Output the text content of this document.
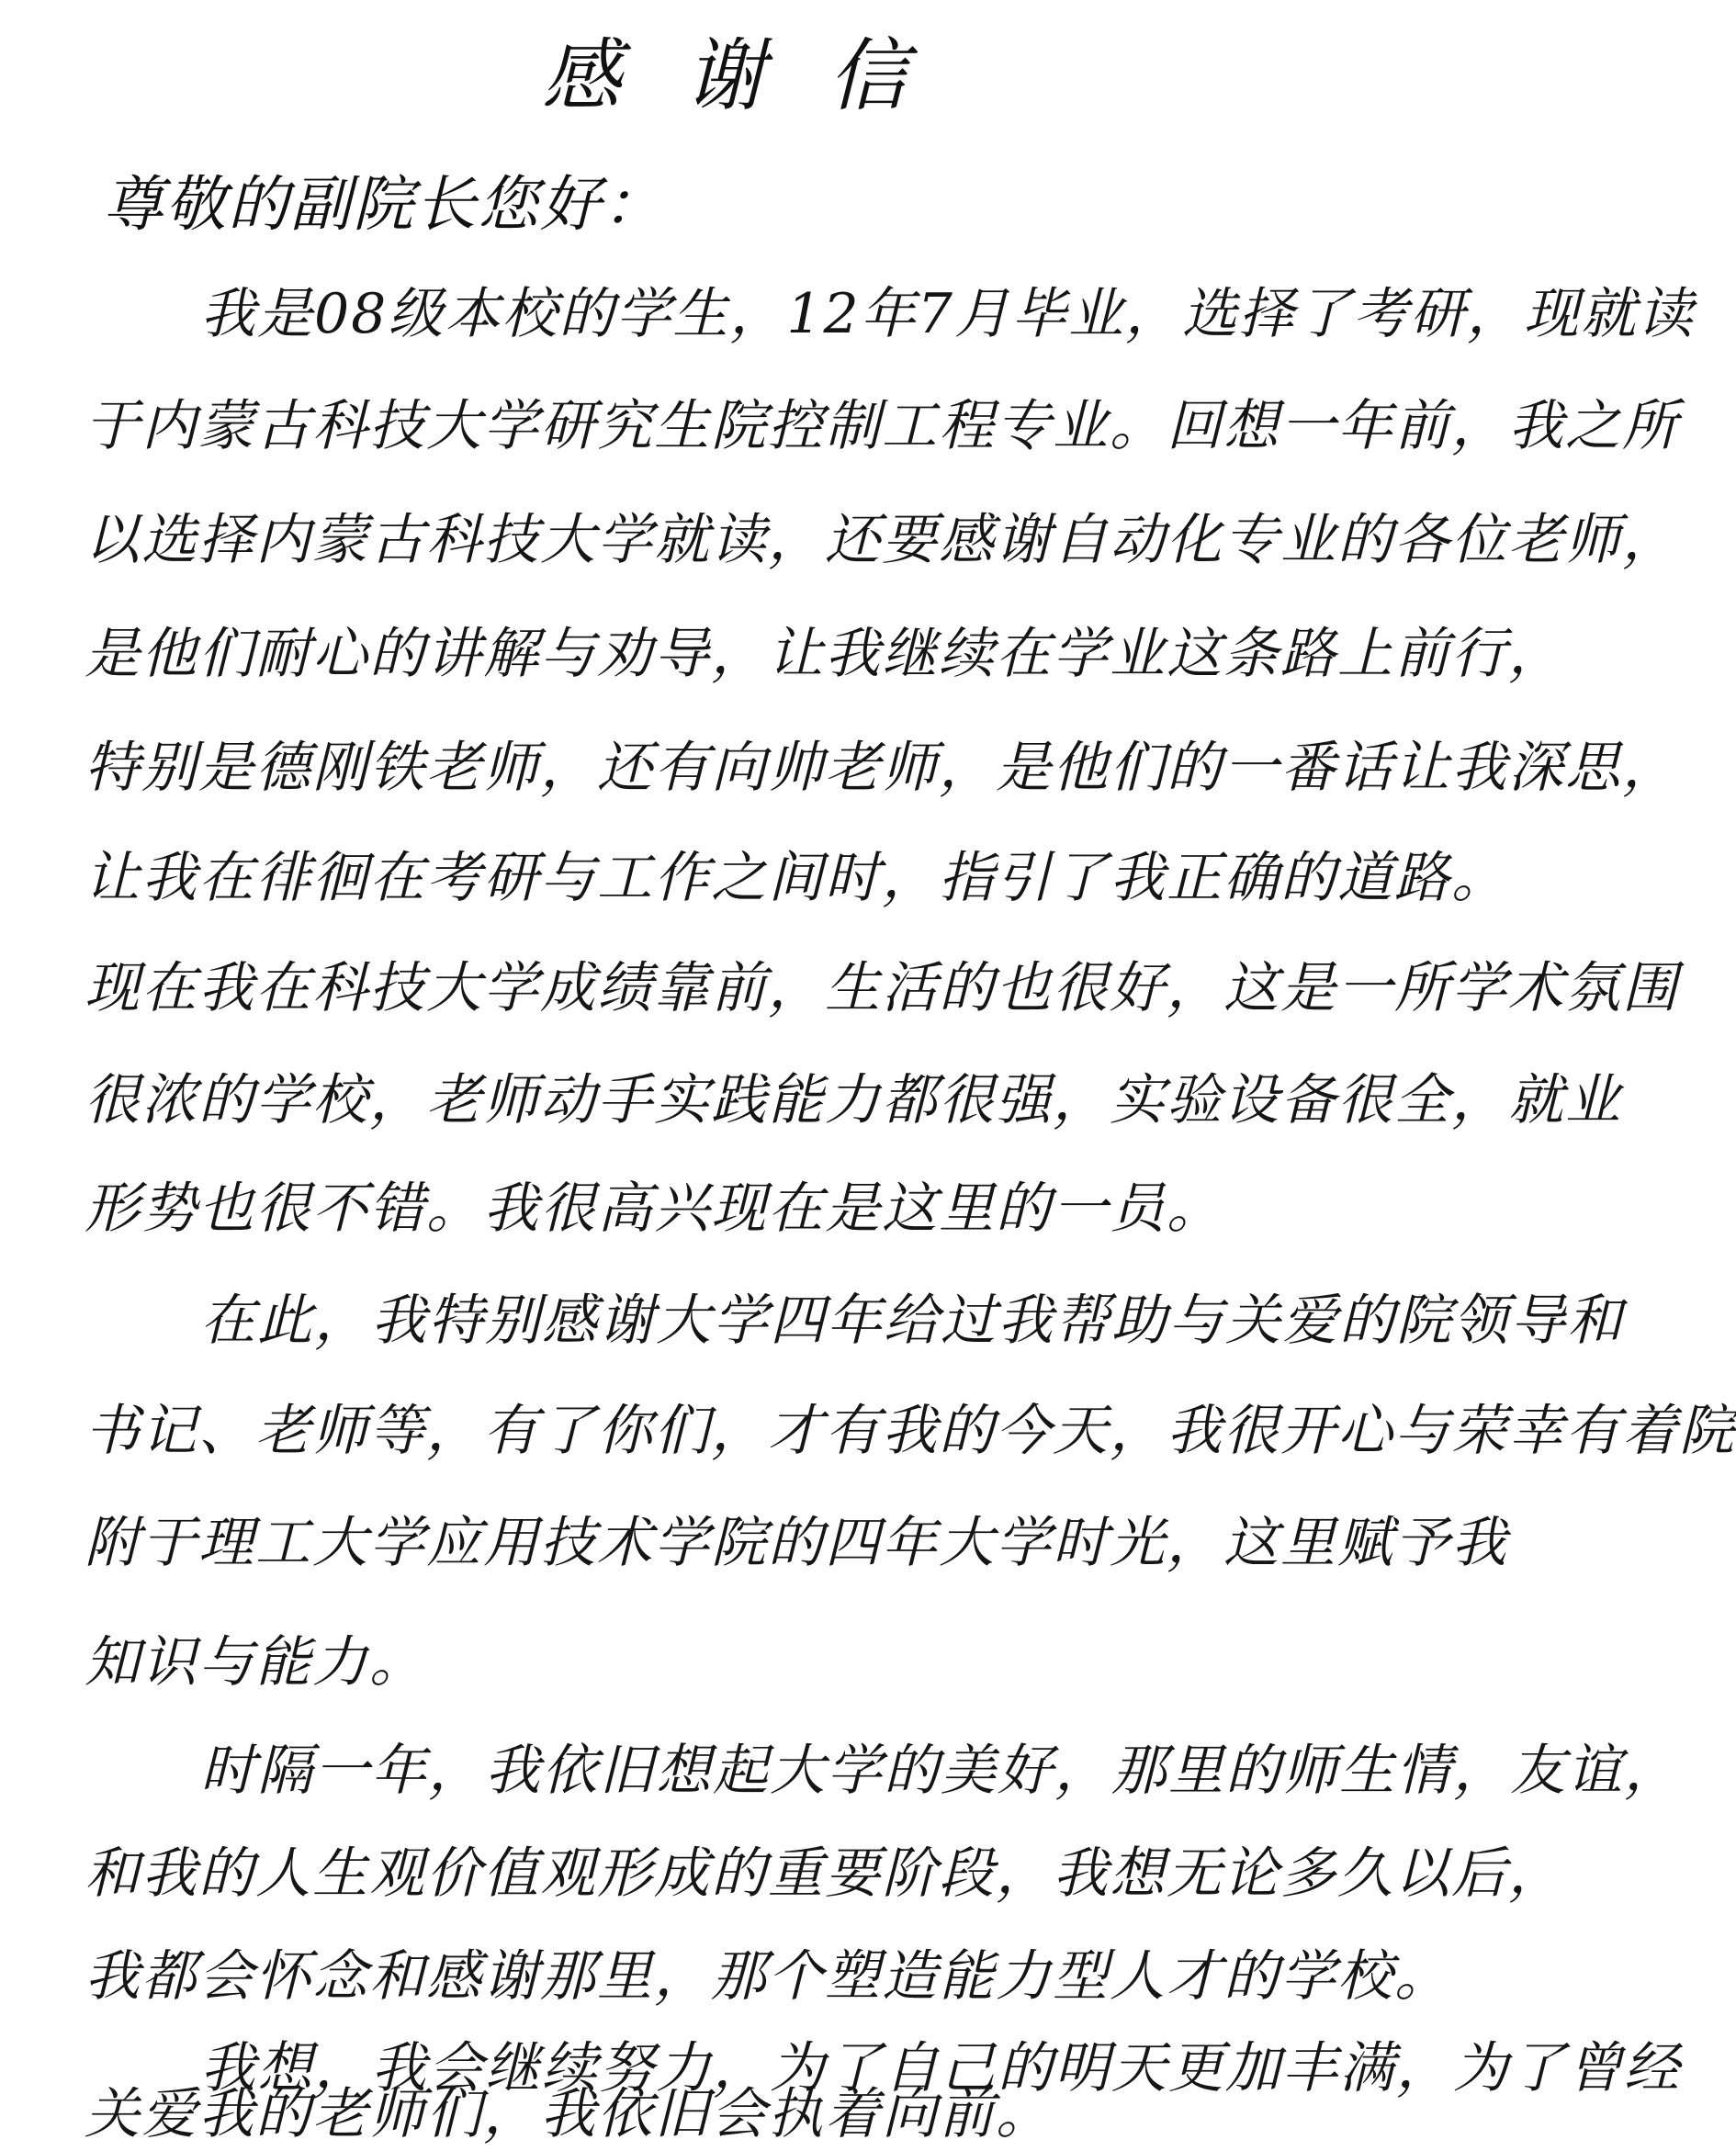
感谢信
尊敬的副院长您好：
我是08级本校的学生，12年7月毕业，选择了考研，现就读
于内蒙古科技大学研究生院控制工程专业。回想一年前，我之所
以选择内蒙古科技大学就读，还要感谢自动化专业的各位老师，
是他们耐心的讲解与劝导，让我继续在学业这条路上前行，
特别是德刚铁老师，还有向帅老师，是他们的一番话让我深思，
让我在徘徊在考研与工作之间时，指引了我正确的道路。
现在我在科技大学成绩靠前，生活的也很好，这是一所学术氛围
很浓的学校，老师动手实践能力都很强，实验设备很全，就业
形势也很不错。我很高兴现在是这里的一员。
在此，我特别感谢大学四年给过我帮助与关爱的院领导和
书记、老师等，有了你们，才有我的今天，我很开心与荣幸有着院
附于理工大学应用技术学院的四年大学时光，这里赋予我
知识与能力。
时隔一年，我依旧想起大学的美好，那里的师生情，友谊，
和我的人生观价值观形成的重要阶段，我想无论多久以后，
我都会怀念和感谢那里，那个塑造能力型人才的学校。
我想，我会继续努力，为了自己的明天更加丰满，为了曾经
关爱我的老师们，我依旧会执着向前。
